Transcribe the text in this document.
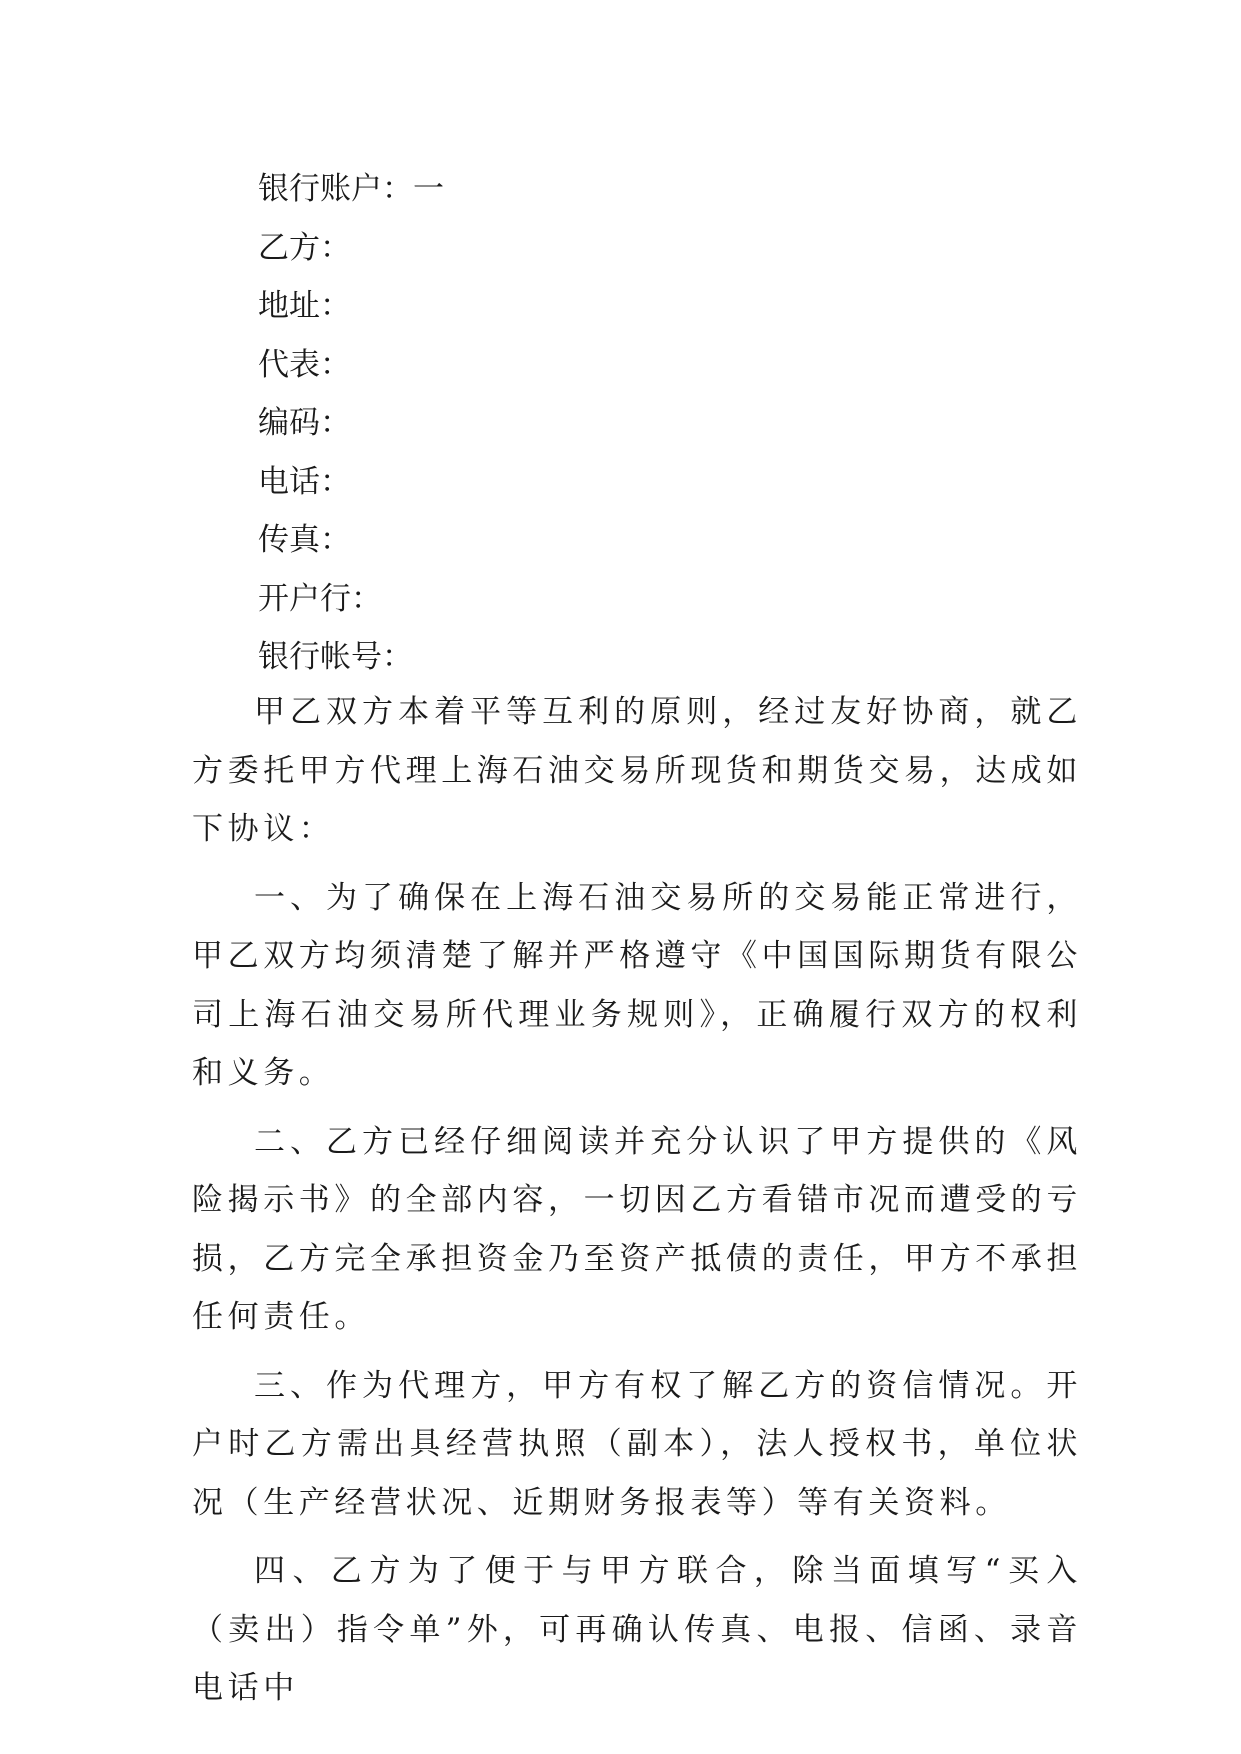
银行账户：一
乙方：
地址：
代表：
编码：
电话：
传真：
开户行：
银行帐号：

甲乙双方本着平等互利的原则，经过友好协商，就乙方委托甲方代理上海石油交易所现货和期货交易，达成如下协议：

一、为了确保在上海石油交易所的交易能正常进行，甲乙双方均须清楚了解并严格遵守《中国国际期货有限公司上海石油交易所代理业务规则》，正确履行双方的权利和义务。

二、乙方已经仔细阅读并充分认识了甲方提供的《风险揭示书》的全部内容，一切因乙方看错市况而遭受的亏损，乙方完全承担资金乃至资产抵债的责任，甲方不承担任何责任。

三、作为代理方，甲方有权了解乙方的资信情况。开户时乙方需出具经营执照（副本），法人授权书，单位状况（生产经营状况、近期财务报表等）等有关资料。

四、乙方为了便于与甲方联合，除当面填写“买入（卖出）指令单”外，可再确认传真、电报、信函、录音电话中
